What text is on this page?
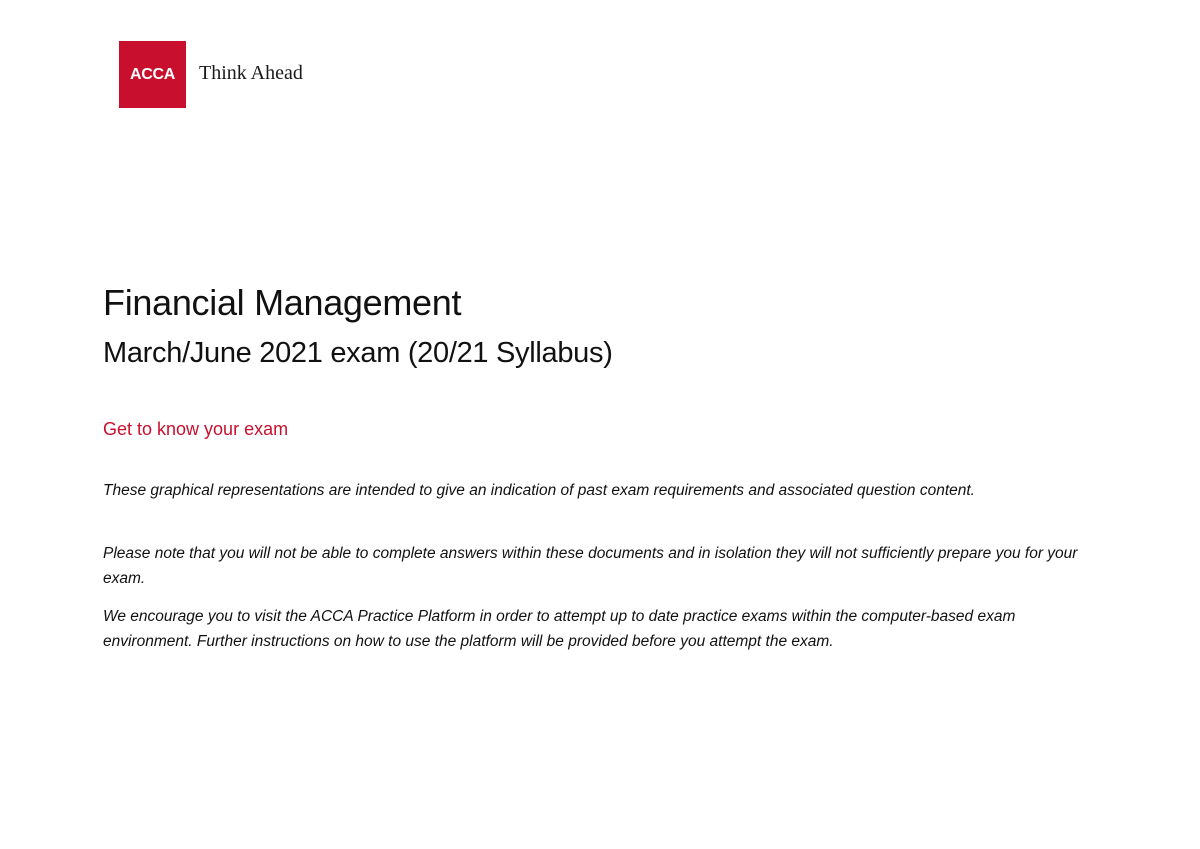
ACCA Think Ahead
Financial Management
March/June 2021 exam (20/21 Syllabus)
Get to know your exam

These graphical representations are intended to give an indication of past exam requirements and associated question content.

Please note that you will not be able to complete answers within these documents and in isolation they will not sufficiently prepare you for your exam.

We encourage you to visit the ACCA Practice Platform in order to attempt up to date practice exams within the computer-based exam environment. Further instructions on how to use the platform will be provided before you attempt the exam.
